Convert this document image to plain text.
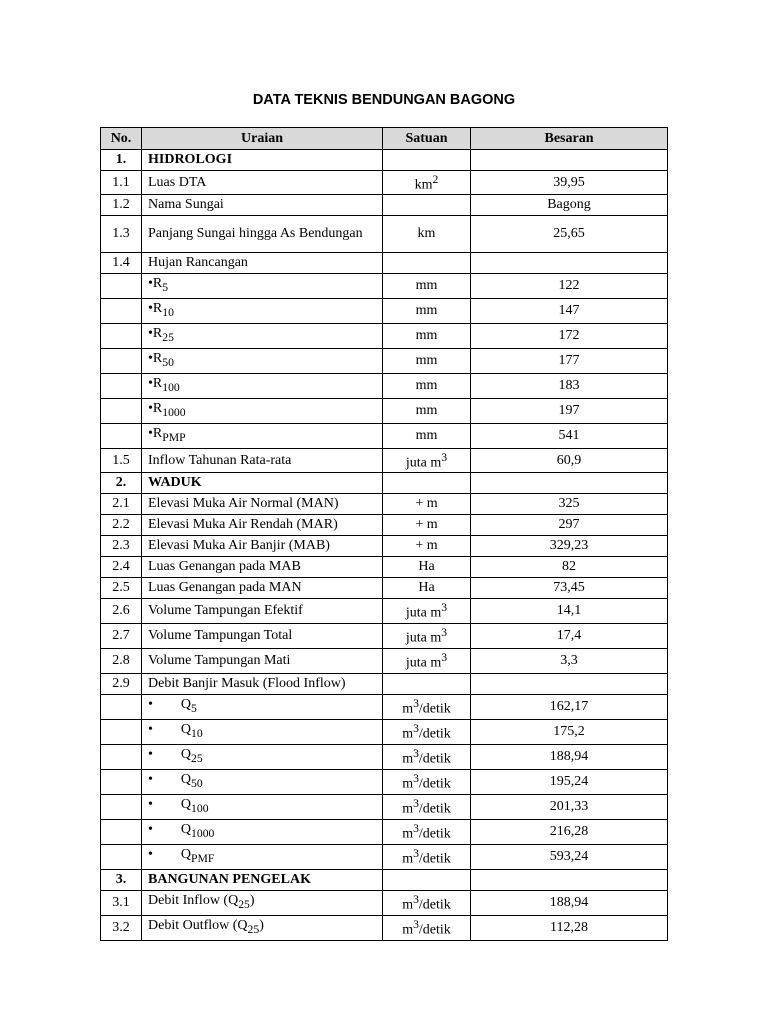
DATA TEKNIS BENDUNGAN BAGONG
No.	Uraian	Satuan	Besaran
1.	HIDROLOGI		
1.1	Luas DTA	$km^2$	39,95
1.2	Nama Sungai		Bagong
1.3	Panjang Sungai hingga As Bendungan	km	25,65
1.4	Hujan Rancangan		
	$•R_5$	mm	122
	$•R_{10}$	mm	147
	$•R_{25}$	mm	172
	$•R_{50}$	mm	177
	$•R_{100}$	mm	183
	$•R_{1000}$	mm	197
	$•R_{PMP}$	mm	541
1.5	Inflow Tahunan Rata-rata	juta $m^3$	60,9
2.	WADUK		
2.1	Elevasi Muka Air Normal (MAN)	+ m	325
2.2	Elevasi Muka Air Rendah (MAR)	+ m	297
2.3	Elevasi Muka Air Banjir (MAB)	+ m	329,23
2.4	Luas Genangan pada MAB	Ha	82
2.5	Luas Genangan pada MAN	Ha	73,45
2.6	Volume Tampungan Efektif	juta $m^3$	14,1
2.7	Volume Tampungan Total	juta $m^3$	17,4
2.8	Volume Tampungan Mati	juta $m^3$	3,3
2.9	Debit Banjir Masuk (Flood Inflow)		
	• $Q_5$	$m^3$/detik	162,17
	• $Q_{10}$	$m^3$/detik	175,2
	• $Q_{25}$	$m^3$/detik	188,94
	• $Q_{50}$	$m^3$/detik	195,24
	• $Q_{100}$	$m^3$/detik	201,33
	• $Q_{1000}$	$m^3$/detik	216,28
	• $Q_{PMF}$	$m^3$/detik	593,24
3.	BANGUNAN PENGELAK		
3.1	Debit Inflow $(Q_{25})$	$m^3$/detik	188,94
3.2	Debit Outflow $(Q_{25})$	$m^3$/detik	112,28
